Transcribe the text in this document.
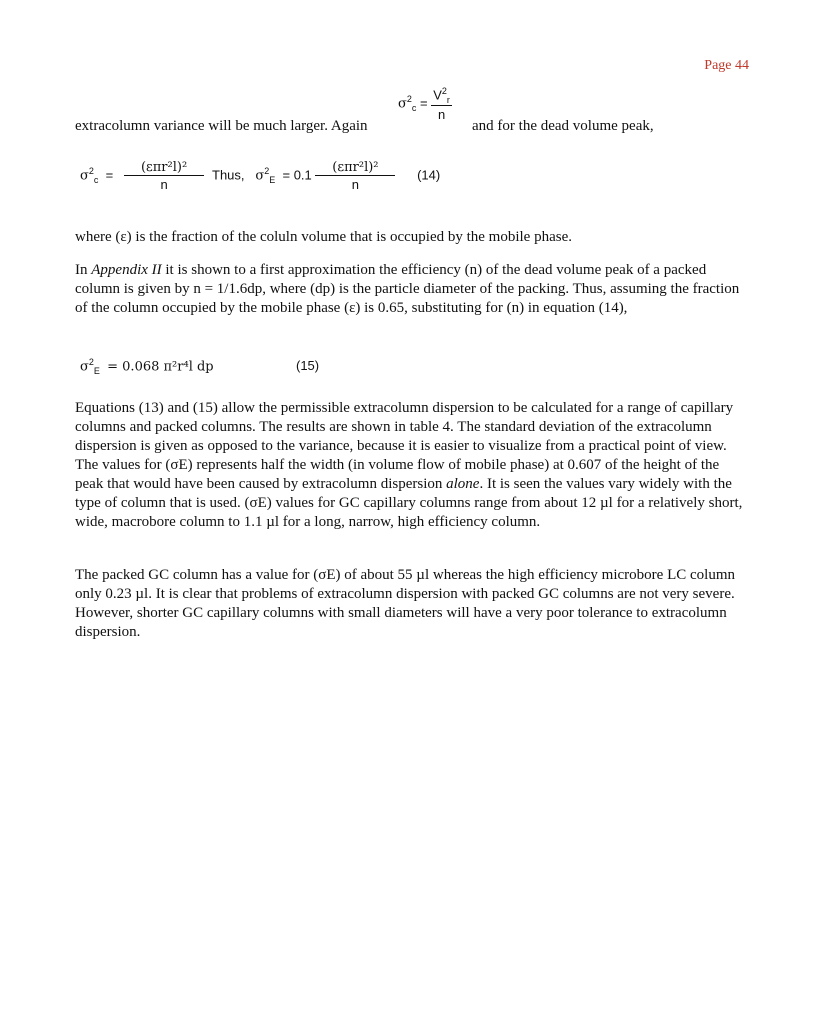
Page 44
$\sigma^2_c = \frac{V^2_r}{n}$
extracolumn variance will be much larger. Again	and for the dead volume peak,
$\sigma^2_c = \frac{\text{(επr²l)²}}{n}$ Thus, $\sigma^2_E = 0.1 \frac{\text{(επr²l)²}}{n} (14)$
where (ε) is the fraction of the coluln volume that is occupied by the mobile phase.
In Appendix II it is shown to a first approximation the efficiency (n) of the dead volume peak of a packed column is given by n = 1/1.6dp, where (dp) is the particle diameter of the packing. Thus, assuming the fraction of the column occupied by the mobile phase (ε) is 0.65, substituting for (n) in equation (14),
$\sigma^2_E = 0.068$ π²r⁴l dp	(15)
Equations (13) and (15) allow the permissible extracolumn dispersion to be calculated for a range of capillary columns and packed columns. The results are shown in table 4. The standard deviation of the extracolumn dispersion is given as opposed to the variance, because it is easier to visualize from a practical point of view. The values for (σE) represents half the width (in volume flow of mobile phase) at 0.607 of the height of the peak that would have been caused by extracolumn dispersion alone. It is seen the values vary widely with the type of column that is used. (σE) values for GC capillary columns range from about 12 µl for a relatively short, wide, macrobore column to 1.1 µl for a long, narrow, high efficiency column.
The packed GC column has a value for (σE) of about 55 µl whereas the high efficiency microbore LC column only 0.23 µl. It is clear that problems of extracolumn dispersion with packed GC columns are not very severe. However, shorter GC capillary columns with small diameters will have a very poor tolerance to extracolumn dispersion.
